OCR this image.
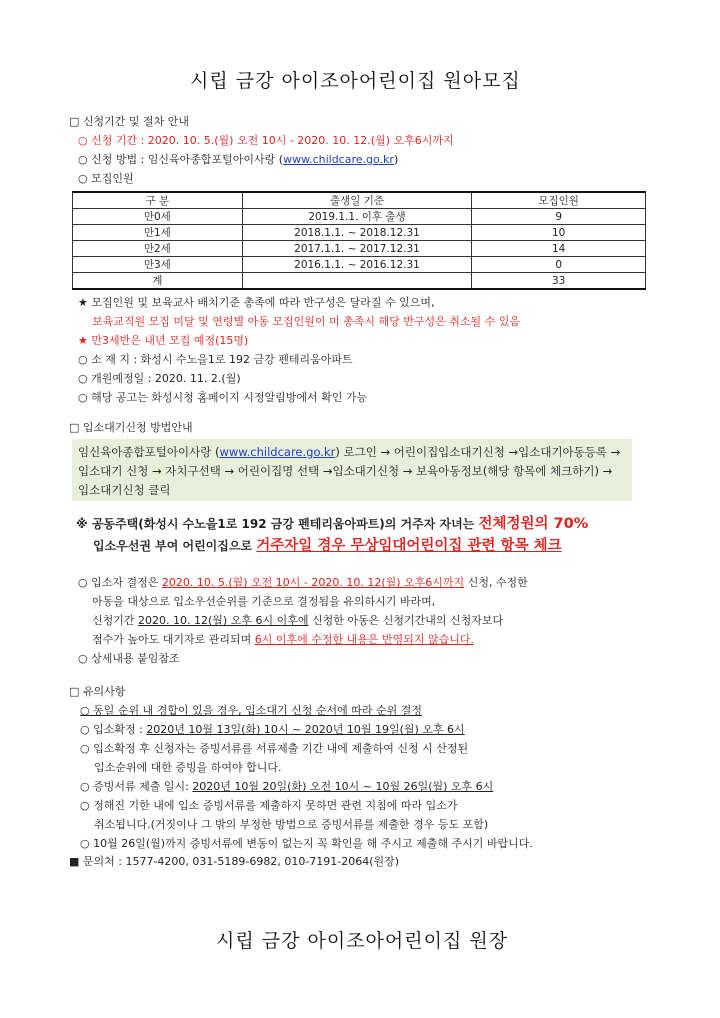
시립 금강 아이조아어린이집 원아모집
□ 신청기간 및 절차 안내
○ 신청 기간 : 2020. 10. 5.(월) 오전 10시 - 2020. 10. 12.(월) 오후6시까지
○ 신청 방법 : 임신육아종합포털아이사랑 (www.childcare.go.kr)
○ 모집인원
구 분	출생일 기준	모집인원
만0세	2019.1.1. 이후 출생	9
만1세	2018.1.1. ~ 2018.12.31	10
만2세	2017.1.1. ~ 2017.12.31	14
만3세	2016.1.1. ~ 2016.12.31	0
계		33
★ 모집인원 및 보육교사 배치기준 총족에 따라 반구성은 달라질 수 있으며,
보육교직원 모집 미달 및 연령별 아동 모집인원이 미 총족시 해당 반구성은 취소될 수 있음
★ 만3세반은 내년 모집 예정(15명)
○ 소 재 지 : 화성시 수노을1로 192 금강 펜테리움아파트
○ 개원예정일 : 2020. 11. 2.(월)
○ 해당 공고는 화성시청 홈페이지 시정알림방에서 확인 가능
□ 입소대기신청 방법안내
임신육아종합포털아이사랑 (www.childcare.go.kr) 로그인 → 어린이집입소대기신청 →입소대기아동등록 → 입소대기 신청 → 자치구선택 → 어린이집명 선택 →입소대기신청 → 보육아동정보(해당 항목에 체크하기) → 입소대기신청 클릭
※ 공동주택(화성시 수노을1로 192 금강 펜테리움아파트)의 거주자 자녀는 전체정원의 70%
입소우선권 부여 어린이집으로 거주자일 경우 무상임대어린이집 관련 항목 체크
○ 입소자 결정은 2020. 10. 5.(월) 오전 10시 - 2020. 10. 12(월) 오후6시까지 신청, 수정한
아동을 대상으로 입소우선순위를 기준으로 결정됨을 유의하시기 바라며,
신청기간 2020. 10. 12(월) 오후 6시 이후에 신청한 아동은 신청기간내의 신청자보다
점수가 높아도 대기자로 관리되며 6시 이후에 수정한 내용은 반영되지 않습니다.
○ 상세내용 붙임참조
□ 유의사항
○ 동일 순위 내 경합이 있을 경우, 입소대기 신청 순서에 따라 순위 결정
○ 입소확정 : 2020년 10월 13일(화) 10시 ~ 2020년 10월 19일(월) 오후 6시
○ 입소확정 후 신청자는 증빙서류를 서류제출 기간 내에 제출하여 신청 시 산정된
입소순위에 대한 증빙을 하여야 합니다.
○ 증빙서류 제출 일시: 2020년 10월 20일(화) 오전 10시 ~ 10월 26일(월) 오후 6시
○ 정해진 기한 내에 입소 증빙서류를 제출하지 못하면 관련 지침에 따라 입소가
취소됩니다.(거짓이나 그 밖의 부정한 방법으로 증빙서류를 제출한 경우 등도 포함)
○ 10월 26일(월)까지 증빙서류에 변동이 없는지 꼭 확인을 해 주시고 제출해 주시기 바랍니다.
■ 문의처 : 1577-4200, 031-5189-6982, 010-7191-2064(원장)
시립 금강 아이조아어린이집 원장
